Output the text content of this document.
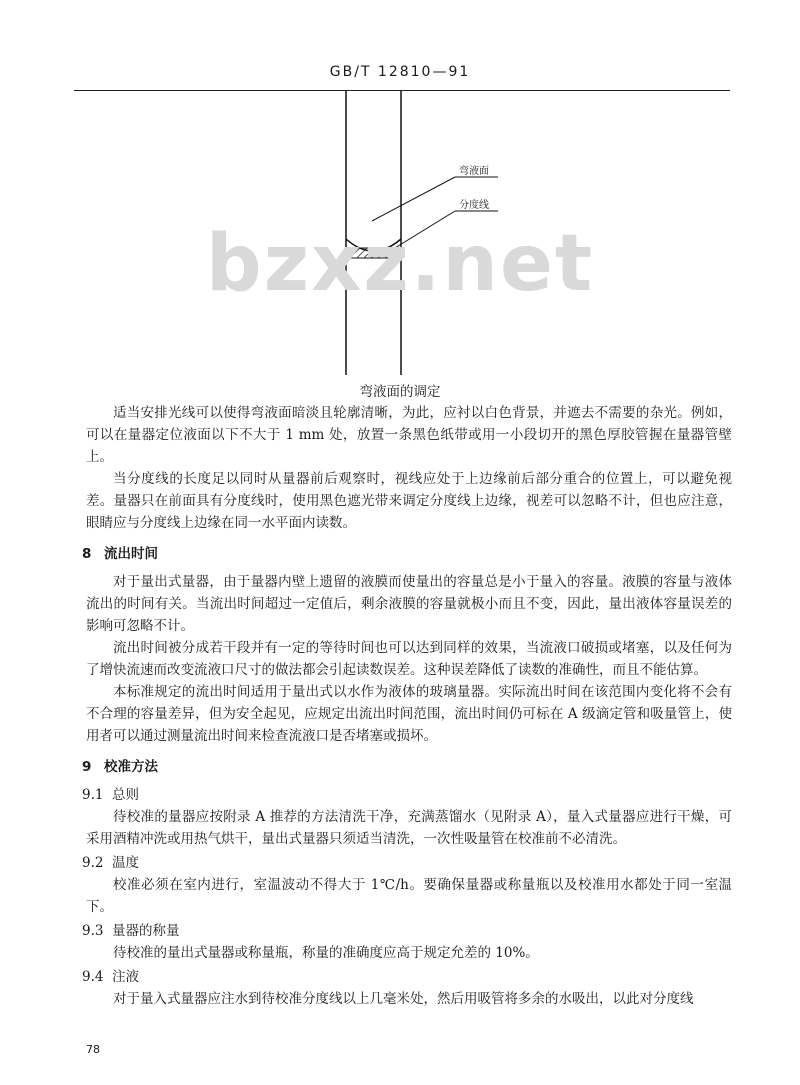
GB/T 12810—91
bzxz.net
弯液面
分度线
弯液面的调定

适当安排光线可以使得弯液面暗淡且轮廓清晰，为此，应衬以白色背景，并遮去不需要的杂光。例如，可以在量器定位液面以下不大于 1 mm 处，放置一条黑色纸带或用一小段切开的黑色厚胶管握在量器管壁上。

当分度线的长度足以同时从量器前后观察时，视线应处于上边缘前后部分重合的位置上，可以避免视差。量器只在前面具有分度线时，使用黑色遮光带来调定分度线上边缘，视差可以忽略不计，但也应注意，眼睛应与分度线上边缘在同一水平面内读数。

8 流出时间

对于量出式量器，由于量器内壁上遗留的液膜而使量出的容量总是小于量入的容量。液膜的容量与液体流出的时间有关。当流出时间超过一定值后，剩余液膜的容量就极小而且不变，因此，量出液体容量误差的影响可忽略不计。

流出时间被分成若干段并有一定的等待时间也可以达到同样的效果，当流液口破损或堵塞，以及任何为了增快流速而改变流液口尺寸的做法都会引起读数误差。这种误差降低了读数的准确性，而且不能估算。

本标准规定的流出时间适用于量出式以水作为液体的玻璃量器。实际流出时间在该范围内变化将不会有不合理的容量差异，但为安全起见，应规定出流出时间范围，流出时间仍可标在 A 级滴定管和吸量管上，使用者可以通过测量流出时间来检查流液口是否堵塞或损坏。

9 校准方法
9.1 总则

待校准的量器应按附录 A 推荐的方法清洗干净，充满蒸馏水（见附录 A），量入式量器应进行干燥，可采用酒精冲洗或用热气烘干，量出式量器只须适当清洗，一次性吸量管在校准前不必清洗。

9.2 温度

校准必须在室内进行，室温波动不得大于 1℃/h。要确保量器或称量瓶以及校准用水都处于同一室温下。

9.3 量器的称量

待校准的量出式量器或称量瓶，称量的准确度应高于规定允差的 10%。

9.4 注液

对于量入式量器应注水到待校准分度线以上几毫米处，然后用吸管将多余的水吸出，以此对分度线

78
